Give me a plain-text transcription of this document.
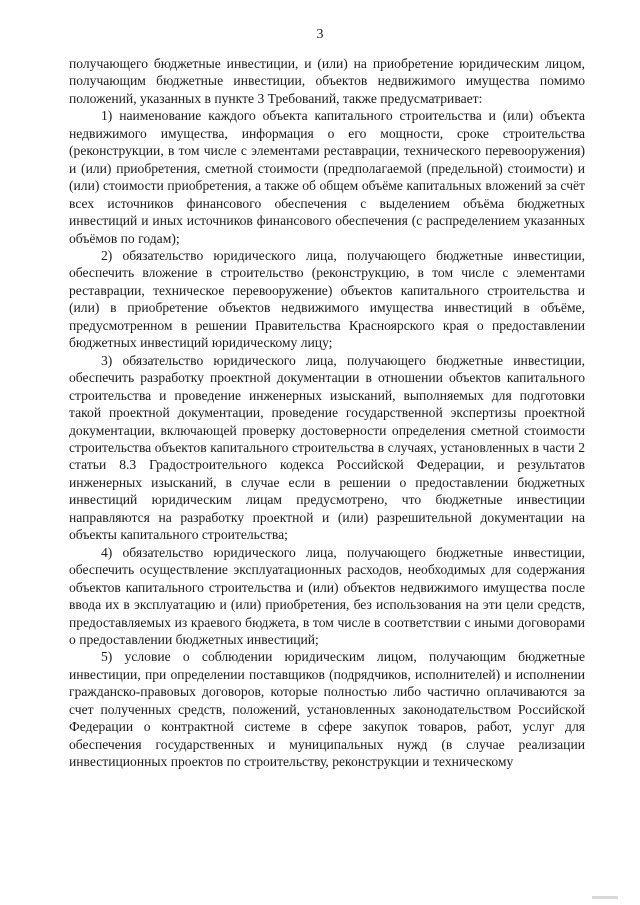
3

получающего бюджетные инвестиции, и (или) на приобретение юридическим лицом, получающим бюджетные инвестиции, объектов недвижимого имущества помимо положений, указанных в пункте 3 Требований, также предусматривает:

1) наименование каждого объекта капитального строительства и (или) объекта недвижимого имущества, информация о его мощности, сроке строительства (реконструкции, в том числе с элементами реставрации, технического перевооружения) и (или) приобретения, сметной стоимости (предполагаемой (предельной) стоимости) и (или) стоимости приобретения, а также об общем объёме капитальных вложений за счёт всех источников финансового обеспечения с выделением объёма бюджетных инвестиций и иных источников финансового обеспечения (с распределением указанных объёмов по годам);

2) обязательство юридического лица, получающего бюджетные инвестиции, обеспечить вложение в строительство (реконструкцию, в том числе с элементами реставрации, техническое перевооружение) объектов капитального строительства и (или) в приобретение объектов недвижимого имущества инвестиций в объёме, предусмотренном в решении Правительства Красноярского края о предоставлении бюджетных инвестиций юридическому лицу;

3) обязательство юридического лица, получающего бюджетные инвестиции, обеспечить разработку проектной документации в отношении объектов капитального строительства и проведение инженерных изысканий, выполняемых для подготовки такой проектной документации, проведение государственной экспертизы проектной документации, включающей проверку достоверности определения сметной стоимости строительства объектов капитального строительства в случаях, установленных в части 2 статьи 8.3 Градостроительного кодекса Российской Федерации, и результатов инженерных изысканий, в случае если в решении о предоставлении бюджетных инвестиций юридическим лицам предусмотрено, что бюджетные инвестиции направляются на разработку проектной и (или) разрешительной документации на объекты капитального строительства;

4) обязательство юридического лица, получающего бюджетные инвестиции, обеспечить осуществление эксплуатационных расходов, необходимых для содержания объектов капитального строительства и (или) объектов недвижимого имущества после ввода их в эксплуатацию и (или) приобретения, без использования на эти цели средств, предоставляемых из краевого бюджета, в том числе в соответствии с иными договорами о предоставлении бюджетных инвестиций;

5) условие о соблюдении юридическим лицом, получающим бюджетные инвестиции, при определении поставщиков (подрядчиков, исполнителей) и исполнении гражданско-правовых договоров, которые полностью либо частично оплачиваются за счет полученных средств, положений, установленных законодательством Российской Федерации о контрактной системе в сфере закупок товаров, работ, услуг для обеспечения государственных и муниципальных нужд (в случае реализации инвестиционных проектов по строительству, реконструкции и техническому
